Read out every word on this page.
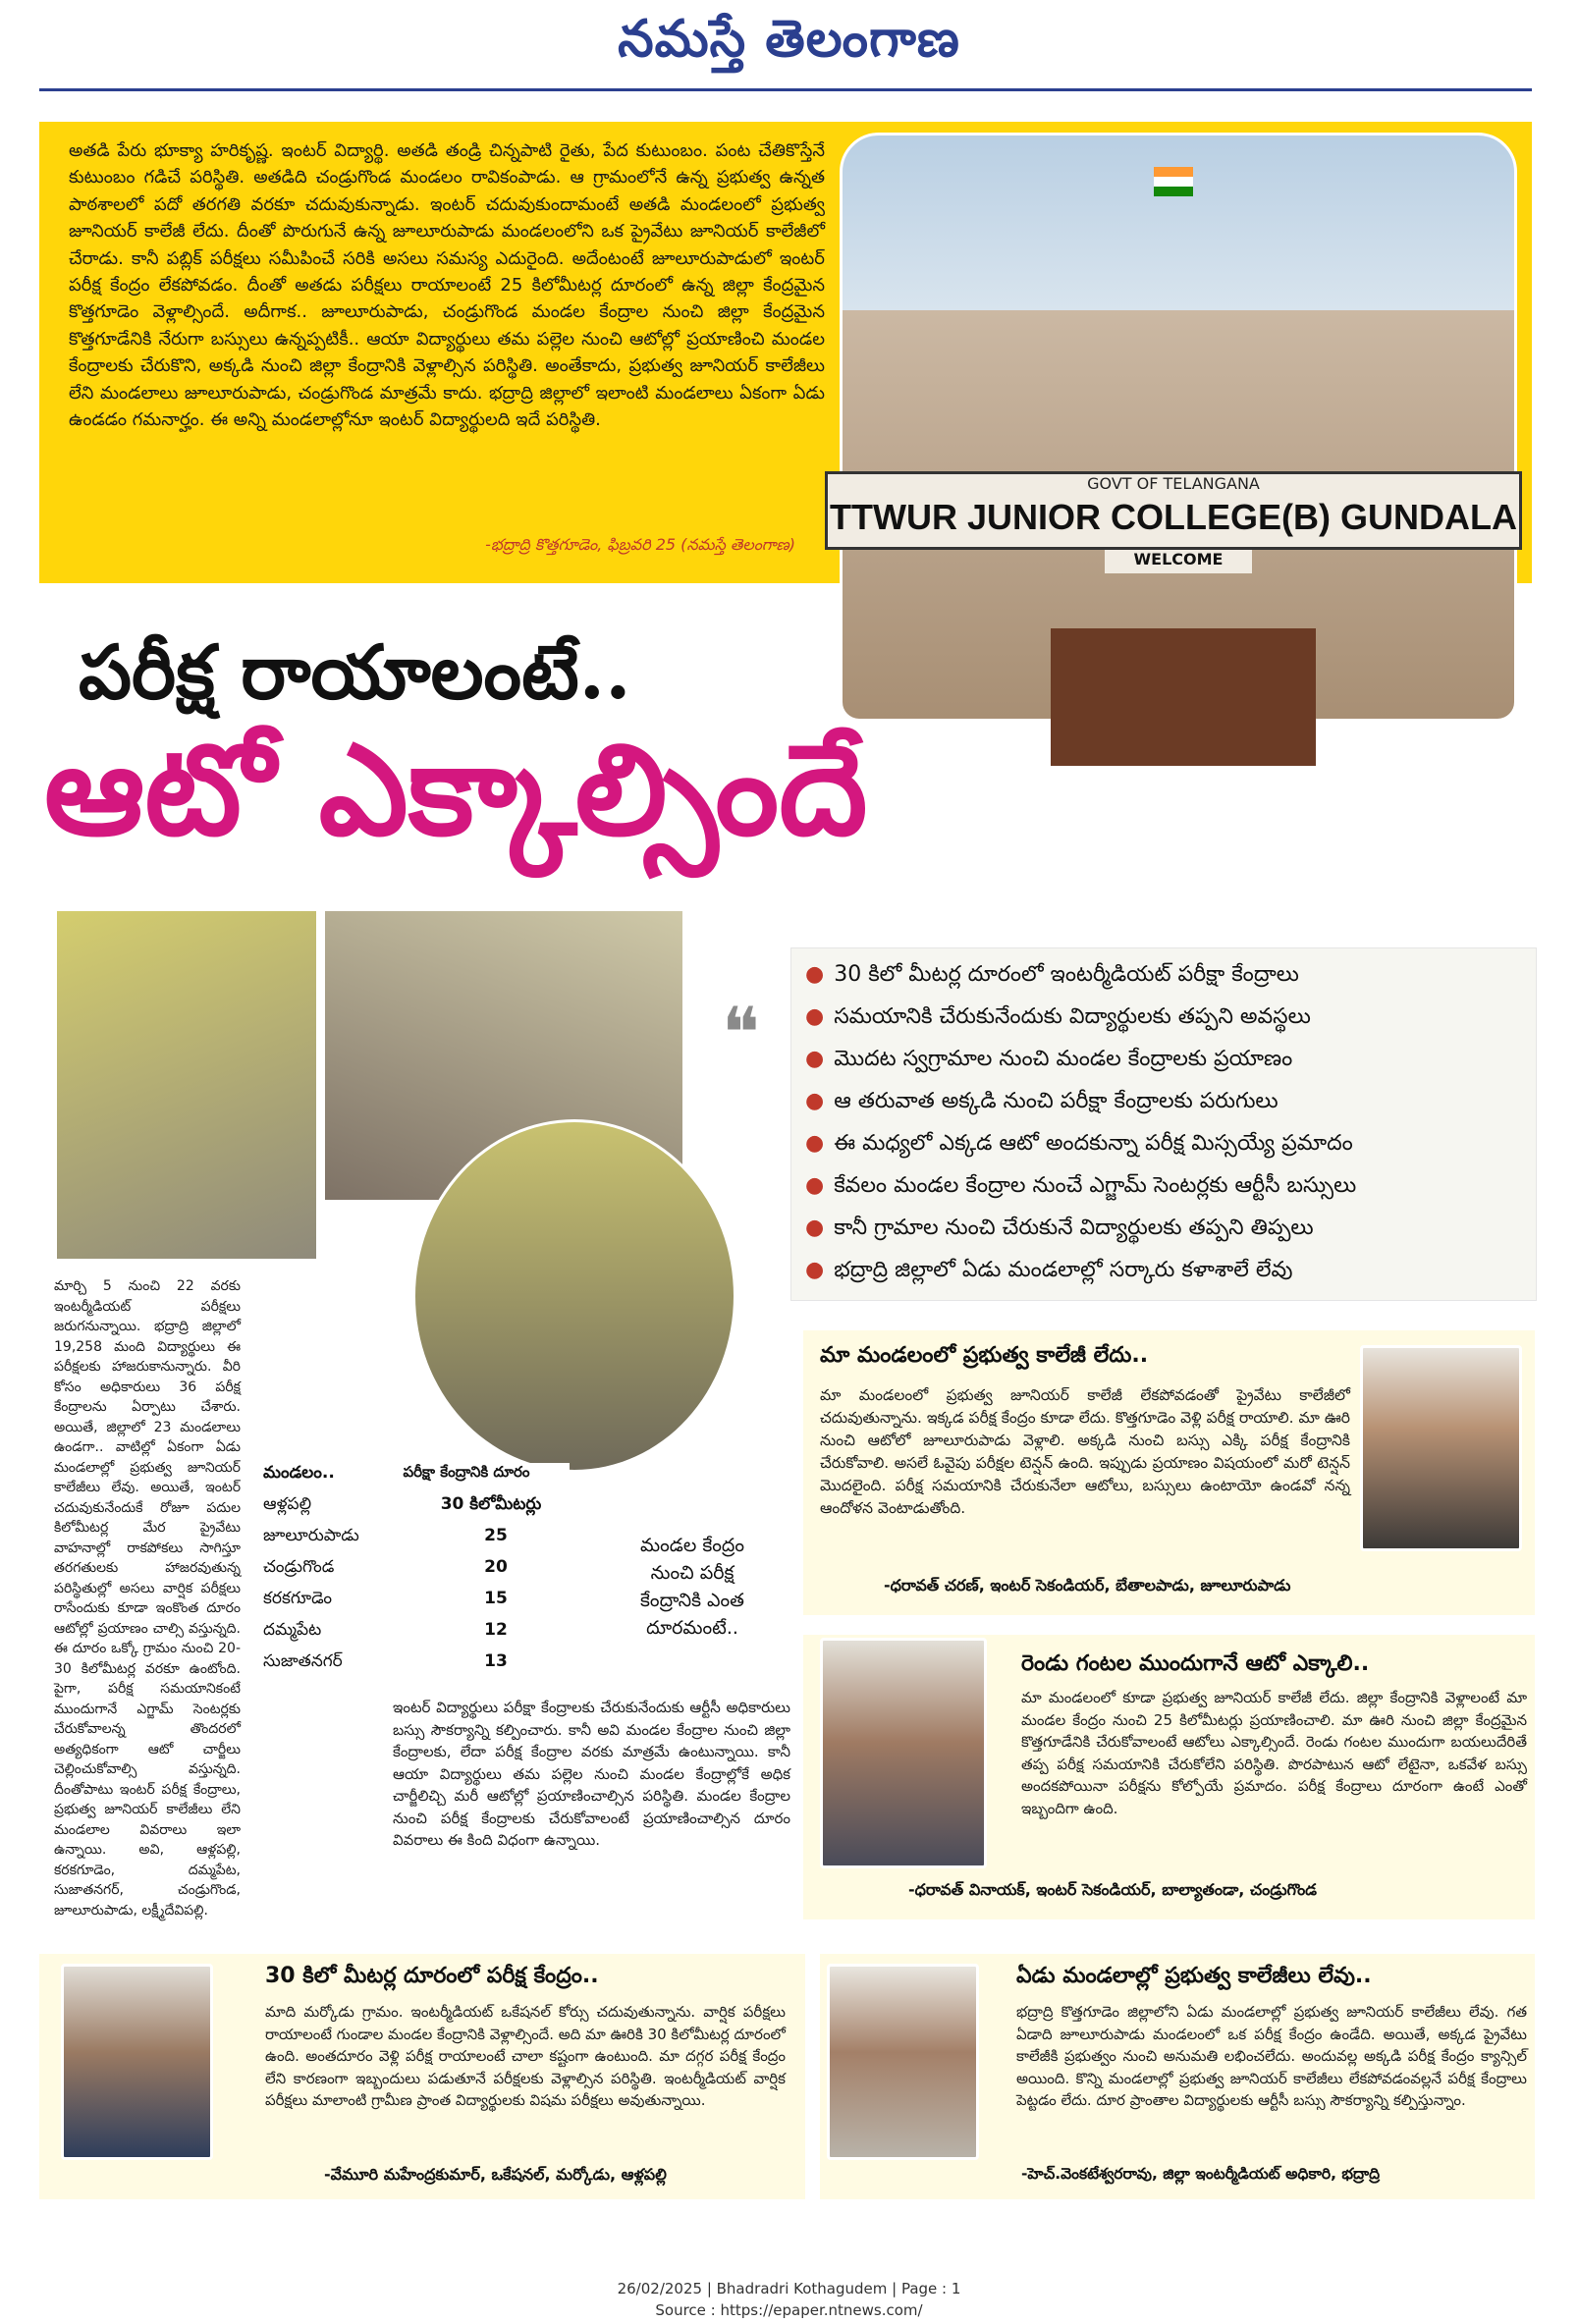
నమస్తే తెలంగాణ

అతడి పేరు భూక్యా హరికృష్ణ. ఇంటర్ విద్యార్థి. అతడి తండ్రి చిన్నపాటి రైతు, పేద కుటుంబం. పంట చేతికొస్తేనే కుటుంబం గడిచే పరిస్థితి. అతడిది చండ్రుగొండ మండలం రావికంపాడు. ఆ గ్రామంలోనే ఉన్న ప్రభుత్వ ఉన్నత పాఠశాలలో పదో తరగతి వరకూ చదువుకున్నాడు. ఇంటర్ చదువుకుందామంటే అతడి మండలంలో ప్రభుత్వ జూనియర్ కాలేజీ లేదు. దీంతో పొరుగునే ఉన్న జూలూరుపాడు మండలంలోని ఒక ప్రైవేటు జూనియర్ కాలేజీలో చేరాడు. కానీ పబ్లిక్ పరీక్షలు సమీపించే సరికి అసలు సమస్య ఎదురైంది. అదేంటంటే జూలూరుపాడులో ఇంటర్ పరీక్ష కేంద్రం లేకపోవడం. దీంతో అతడు పరీక్షలు రాయాలంటే 25 కిలోమీటర్ల దూరంలో ఉన్న జిల్లా కేంద్రమైన కొత్తగూడెం వెళ్లాల్సిందే. అదీగాక.. జూలూరుపాడు, చండ్రుగొండ మండల కేంద్రాల నుంచి జిల్లా కేంద్రమైన కొత్తగూడేనికి నేరుగా బస్సులు ఉన్నప్పటికీ.. ఆయా విద్యార్థులు తమ పల్లెల నుంచి ఆటోల్లో ప్రయాణించి మండల కేంద్రాలకు చేరుకొని, అక్కడి నుంచి జిల్లా కేంద్రానికి వెళ్లాల్సిన పరిస్థితి. అంతేకాదు, ప్రభుత్వ జూనియర్ కాలేజీలు లేని మండలాలు జూలూరుపాడు, చండ్రుగొండ మాత్రమే కాదు. భద్రాద్రి జిల్లాలో ఇలాంటి మండలాలు ఏకంగా ఏడు ఉండడం గమనార్హం. ఈ అన్ని మండలాల్లోనూ ఇంటర్ విద్యార్థులది ఇదే పరిస్థితి.

-భద్రాద్రి కొత్తగూడెం, ఫిబ్రవరి 25 (నమస్తే తెలంగాణ)
GOVT OF TELANGANA
TTWUR JUNIOR COLLEGE(B) GUNDALA
WELCOME
పరీక్ష రాయాలంటే..
ఆటో ఎక్కాల్సిందే
❝
● 30 కిలో మీటర్ల దూరంలో ఇంటర్మీడియట్ పరీక్షా కేంద్రాలు
● సమయానికి చేరుకునేందుకు విద్యార్థులకు తప్పని అవస్థలు
● మొదట స్వగ్రామాల నుంచి మండల కేంద్రాలకు ప్రయాణం
● ఆ తరువాత అక్కడి నుంచి పరీక్షా కేంద్రాలకు పరుగులు
● ఈ మధ్యలో ఎక్కడ ఆటో అందకున్నా పరీక్ష మిస్సయ్యే ప్రమాదం
● కేవలం మండల కేంద్రాల నుంచే ఎగ్జామ్ సెంటర్లకు ఆర్టీసీ బస్సులు
● కానీ గ్రామాల నుంచి చేరుకునే విద్యార్థులకు తప్పని తిప్పలు
● భద్రాద్రి జిల్లాలో ఏడు మండలాల్లో సర్కారు కళాశాలే లేవు
మార్చి 5 నుంచి 22 వరకు ఇంటర్మీడియట్ పరీక్షలు జరుగనున్నాయి. భద్రాద్రి జిల్లాలో 19,258 మంది విద్యార్థులు ఈ పరీక్షలకు హాజరుకానున్నారు. వీరి కోసం అధికారులు 36 పరీక్ష కేంద్రాలను ఏర్పాటు చేశారు. అయితే, జిల్లాలో 23 మండలాలు ఉండగా.. వాటిల్లో ఏకంగా ఏడు మండలాల్లో ప్రభుత్వ జూనియర్ కాలేజీలు లేవు. అయితే, ఇంటర్ చదువుకునేందుకే రోజూ పదుల కిలోమీటర్ల మేర ప్రైవేటు వాహనాల్లో రాకపోకలు సాగిస్తూ తరగతులకు హాజరవుతున్న పరిస్థితుల్లో అసలు వార్షిక పరీక్షలు రాసేందుకు కూడా ఇంకొంత దూరం ఆటోల్లో ప్రయాణం చాల్సి వస్తున్నది. ఈ దూరం ఒక్కో గ్రామం నుంచి 20-30 కిలోమీటర్ల వరకూ ఉంటోంది. పైగా, పరీక్ష సమయానికంటే ముందుగానే ఎగ్జామ్ సెంటర్లకు చేరుకోవాలన్న తొందరలో అత్యధికంగా ఆటో చార్జీలు చెల్లించుకోవాల్సి వస్తున్నది. దీంతోపాటు ఇంటర్ పరీక్ష కేంద్రాలు, ప్రభుత్వ జూనియర్ కాలేజీలు లేని మండలాల వివరాలు ఇలా ఉన్నాయి. అవి, ఆళ్లపల్లి, కరకగూడెం, దమ్మపేట, సుజాతనగర్, చండ్రుగొండ, జూలూరుపాడు, లక్ష్మీదేవిపల్లి.
మండలం..	పరీక్షా కేంద్రానికి దూరం
ఆళ్లపల్లి	30 కిలోమీటర్లు
జూలూరుపాడు	25
చండ్రుగొండ	20
కరకగూడెం	15
దమ్మపేట	12
సుజాతనగర్	13
మండల కేంద్రం నుంచి పరీక్ష కేంద్రానికి ఎంత దూరమంటే..
ఇంటర్ విద్యార్థులు పరీక్షా కేంద్రాలకు చేరుకునేందుకు ఆర్టీసీ అధికారులు బస్సు సౌకర్యాన్ని కల్పించారు. కానీ అవి మండల కేంద్రాల నుంచి జిల్లా కేంద్రాలకు, లేదా పరీక్ష కేంద్రాల వరకు మాత్రమే ఉంటున్నాయి. కానీ ఆయా విద్యార్థులు తమ పల్లెల నుంచి మండల కేంద్రాల్లోకే అధిక చార్జీలిచ్చి మరీ ఆటోల్లో ప్రయాణించాల్సిన పరిస్థితి. మండల కేంద్రాల నుంచి పరీక్ష కేంద్రాలకు చేరుకోవాలంటే ప్రయాణించాల్సిన దూరం వివరాలు ఈ కింది విధంగా ఉన్నాయి.
మా మండలంలో ప్రభుత్వ కాలేజీ లేదు..
మా మండలంలో ప్రభుత్వ జూనియర్ కాలేజీ లేకపోవడంతో ప్రైవేటు కాలేజీలో చదువుతున్నాను. ఇక్కడ పరీక్ష కేంద్రం కూడా లేదు. కొత్తగూడెం వెళ్లి పరీక్ష రాయాలి. మా ఊరి నుంచి ఆటోలో జూలూరుపాడు వెళ్లాలి. అక్కడి నుంచి బస్సు ఎక్కి పరీక్ష కేంద్రానికి చేరుకోవాలి. అసలే ఓవైపు పరీక్షల టెన్షన్ ఉంది. ఇప్పుడు ప్రయాణం విషయంలో మరో టెన్షన్ మొదలైంది. పరీక్ష సమయానికి చేరుకునేలా ఆటోలు, బస్సులు ఉంటాయో ఉండవో నన్న ఆందోళన వెంటాడుతోంది.
-ధరావత్ చరణ్, ఇంటర్ సెకండియర్, బేతాలపాడు, జూలూరుపాడు
రెండు గంటల ముందుగానే ఆటో ఎక్కాలి..
మా మండలంలో కూడా ప్రభుత్వ జూనియర్ కాలేజీ లేదు. జిల్లా కేంద్రానికి వెళ్లాలంటే మా మండల కేంద్రం నుంచి 25 కిలోమీటర్లు ప్రయాణించాలి. మా ఊరి నుంచి జిల్లా కేంద్రమైన కొత్తగూడేనికి చేరుకోవాలంటే ఆటోలు ఎక్కాల్సిందే. రెండు గంటల ముందుగా బయలుదేరితే తప్ప పరీక్ష సమయానికి చేరుకోలేని పరిస్థితి. పొరపాటున ఆటో లేటైనా, ఒకవేళ బస్సు అందకపోయినా పరీక్షను కోల్పోయే ప్రమాదం. పరీక్ష కేంద్రాలు దూరంగా ఉంటే ఎంతో ఇబ్బందిగా ఉంది.
-ధరావత్ వినాయక్, ఇంటర్ సెకండియర్, బాల్యాతండా, చండ్రుగొండ
30 కిలో మీటర్ల దూరంలో పరీక్ష కేంద్రం..
మాది మర్కోడు గ్రామం. ఇంటర్మీడియట్ ఒకేషనల్ కోర్సు చదువుతున్నాను. వార్షిక పరీక్షలు రాయాలంటే గుండాల మండల కేంద్రానికి వెళ్లాల్సిందే. అది మా ఊరికి 30 కిలోమీటర్ల దూరంలో ఉంది. అంతదూరం వెళ్లి పరీక్ష రాయాలంటే చాలా కష్టంగా ఉంటుంది. మా దగ్గర పరీక్ష కేంద్రం లేని కారణంగా ఇబ్బందులు పడుతూనే పరీక్షలకు వెళ్లాల్సిన పరిస్థితి. ఇంటర్మీడియట్ వార్షిక పరీక్షలు మాలాంటి గ్రామీణ ప్రాంత విద్యార్థులకు విషమ పరీక్షలు అవుతున్నాయి.
-వేమూరి మహేంద్రకుమార్, ఒకేషనల్, మర్కోడు, ఆళ్లపల్లి
ఏడు మండలాల్లో ప్రభుత్వ కాలేజీలు లేవు..
భద్రాద్రి కొత్తగూడెం జిల్లాలోని ఏడు మండలాల్లో ప్రభుత్వ జూనియర్ కాలేజీలు లేవు. గత ఏడాది జూలూరుపాడు మండలంలో ఒక పరీక్ష కేంద్రం ఉండేది. అయితే, అక్కడ ప్రైవేటు కాలేజీకి ప్రభుత్వం నుంచి అనుమతి లభించలేదు. అందువల్ల అక్కడి పరీక్ష కేంద్రం క్యాన్సిల్ అయింది. కొన్ని మండలాల్లో ప్రభుత్వ జూనియర్ కాలేజీలు లేకపోవడంవల్లనే పరీక్ష కేంద్రాలు పెట్టడం లేదు. దూర ప్రాంతాల విద్యార్థులకు ఆర్టీసీ బస్సు సౌకర్యాన్ని కల్పిస్తున్నాం.
-హెచ్.వెంకటేశ్వరరావు, జిల్లా ఇంటర్మీడియట్ అధికారి, భద్రాద్రి
26/02/2025 | Bhadradri Kothagudem | Page : 1
Source : https://epaper.ntnews.com/
